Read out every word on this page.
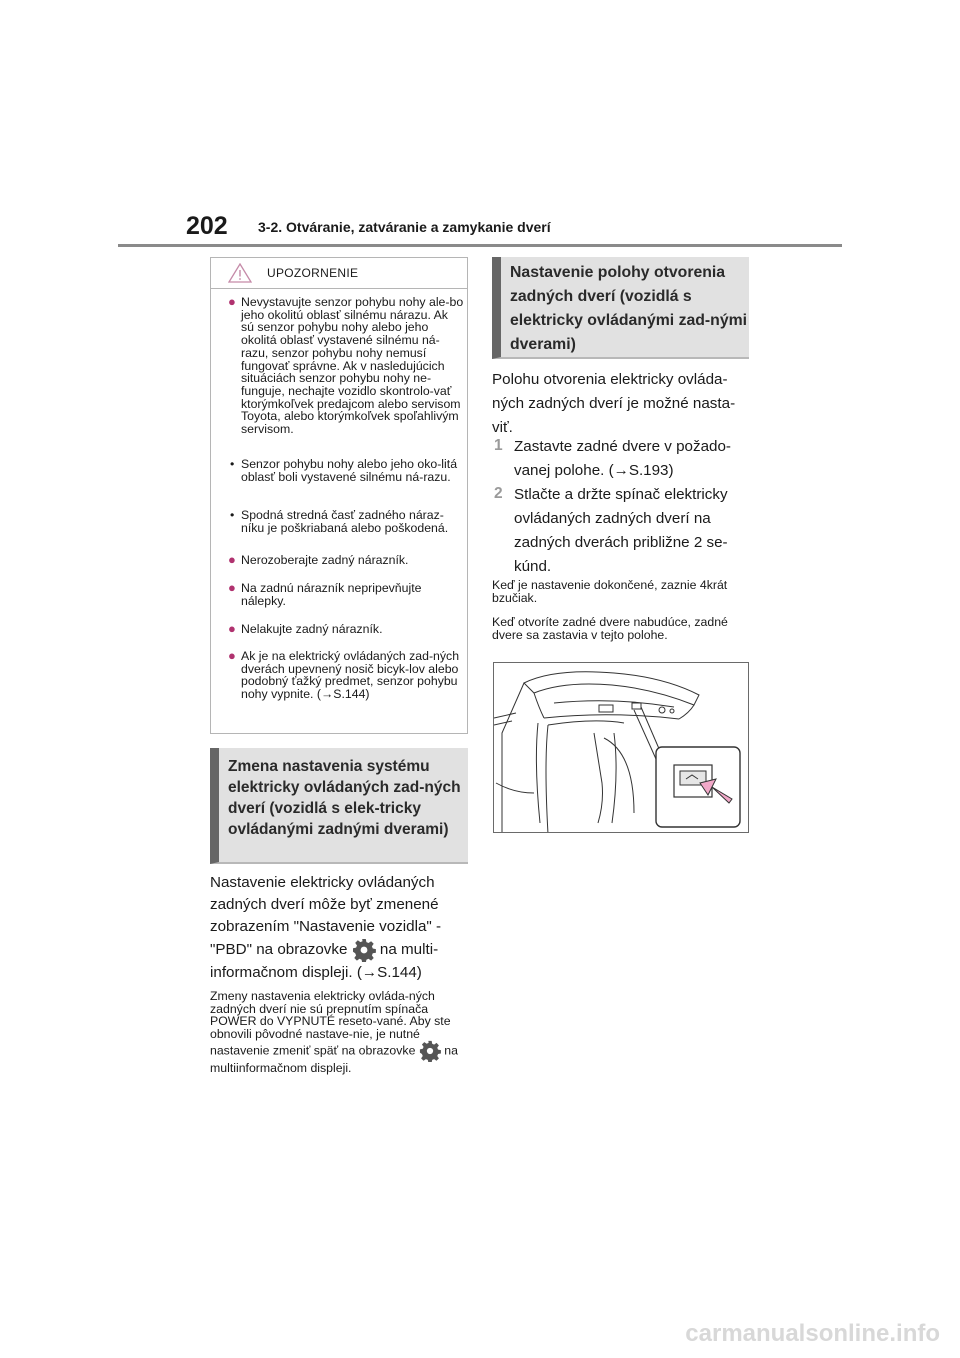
202 3-2. Otváranie, zatváranie a zamykanie dverí
UPOZORNENIE
● Nevystavujte senzor pohybu nohy ale-bo jeho okolitú oblasť silnému nárazu. Ak sú senzor pohybu nohy alebo jeho okolitá oblasť vystavené silnému ná-razu, senzor pohybu nohy nemusí fungovať správne. Ak v nasledujúcich situáciách senzor pohybu nohy ne-funguje, nechajte vozidlo skontrolo-vať ktorýmkoľvek predajcom alebo servisom Toyota, alebo ktorýmkoľvek spoľahlivým servisom.
• Senzor pohybu nohy alebo jeho oko-litá oblasť boli vystavené silnému ná-razu.
• Spodná stredná časť zadného náraz-níku je poškriabaná alebo poškodená.
● Nerozoberajte zadný nárazník.
● Na zadnú nárazník nepripevňujte nálepky.
● Nelakujte zadný nárazník.
● Ak je na elektrický ovládaných zad-ných dverách upevnený nosič bicyk-lov alebo podobný ťažký predmet, senzor pohybu nohy vypnite. (→S.144)
Zmena nastavenia systému elektricky ovládaných zad-ných dverí (vozidlá s elek-tricky ovládanými zadnými dverami)
Nastavenie elektricky ovládaných zadných dverí môže byť zmenené zobrazením "Nastavenie vozidla" - "PBD" na obrazovke na multi-informačnom displeji. (→S.144)
Zmeny nastavenia elektricky ovláda-ných zadných dverí nie sú prepnutím spínača POWER do VYPNUTÉ reseto-vané. Aby ste obnovili pôvodné nastave-nie, je nutné nastavenie zmeniť späť na obrazovke na multiinformačnom displeji.
Nastavenie polohy otvorenia zadných dverí (vozidlá s elektricky ovládanými zad-nými dverami)
Polohu otvorenia elektricky ovláda-ných zadných dverí je možné nasta-viť.
1 Zastavte zadné dvere v požado-vanej polohe. (→S.193)
2 Stlačte a držte spínač elektricky ovládaných zadných dverí na zadných dverách približne 2 se-kúnd.
Keď je nastavenie dokončené, zaznie 4krát bzučiak.
Keď otvoríte zadné dvere nabudúce, zadné dvere sa zastavia v tejto polohe.
carmanualsonline.info
